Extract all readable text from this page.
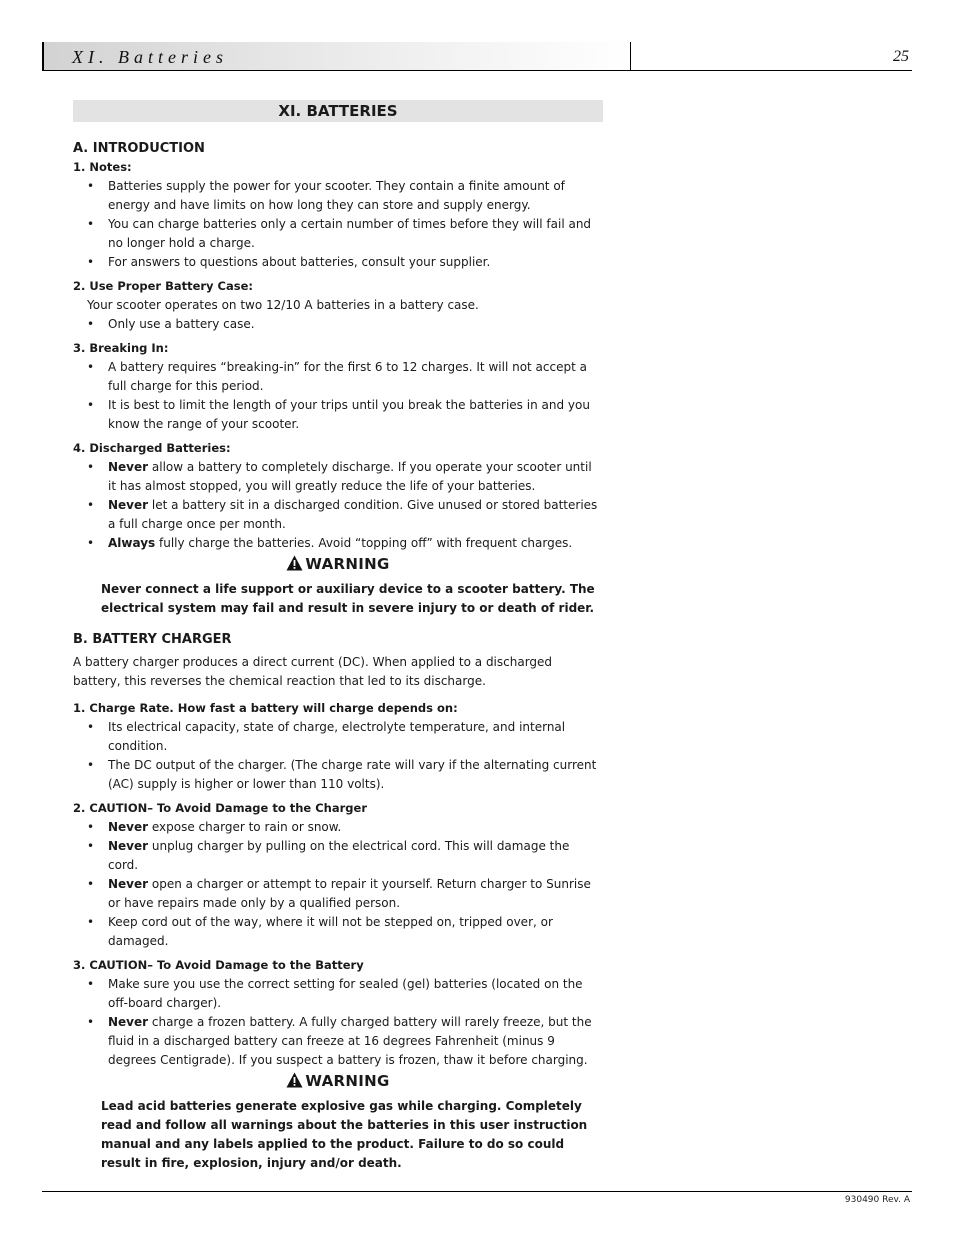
XI. Batteries	25
XI. BATTERIES
A. INTRODUCTION
1. Notes:
• Batteries supply the power for your scooter. They contain a finite amount of energy and have limits on how long they can store and supply energy.
• You can charge batteries only a certain number of times before they will fail and no longer hold a charge.
• For answers to questions about batteries, consult your supplier.
2. Use Proper Battery Case:
Your scooter operates on two 12/10 A batteries in a battery case.
• Only use a battery case.
3. Breaking In:
• A battery requires “breaking-in” for the first 6 to 12 charges. It will not accept a full charge for this period.
• It is best to limit the length of your trips until you break the batteries in and you know the range of your scooter.
4. Discharged Batteries:
• Never allow a battery to completely discharge. If you operate your scooter until it has almost stopped, you will greatly reduce the life of your batteries.
• Never let a battery sit in a discharged condition. Give unused or stored batteries a full charge once per month.
• Always fully charge the batteries. Avoid “topping off” with frequent charges.
WARNING
Never connect a life support or auxiliary device to a scooter battery. The electrical system may fail and result in severe injury to or death of rider.
B. BATTERY CHARGER
A battery charger produces a direct current (DC). When applied to a discharged battery, this reverses the chemical reaction that led to its discharge.
1. Charge Rate. How fast a battery will charge depends on:
• Its electrical capacity, state of charge, electrolyte temperature, and internal condition.
• The DC output of the charger. (The charge rate will vary if the alternating current (AC) supply is higher or lower than 110 volts).
2. CAUTION– To Avoid Damage to the Charger
• Never expose charger to rain or snow.
• Never unplug charger by pulling on the electrical cord. This will damage the cord.
• Never open a charger or attempt to repair it yourself. Return charger to Sunrise or have repairs made only by a qualified person.
• Keep cord out of the way, where it will not be stepped on, tripped over, or damaged.
3. CAUTION– To Avoid Damage to the Battery
• Make sure you use the correct setting for sealed (gel) batteries (located on the off-board charger).
• Never charge a frozen battery. A fully charged battery will rarely freeze, but the fluid in a discharged battery can freeze at 16 degrees Fahrenheit (minus 9 degrees Centigrade). If you suspect a battery is frozen, thaw it before charging.
WARNING
Lead acid batteries generate explosive gas while charging. Completely read and follow all warnings about the batteries in this user instruction manual and any labels applied to the product. Failure to do so could result in fire, explosion, injury and/or death.
930490 Rev. A
